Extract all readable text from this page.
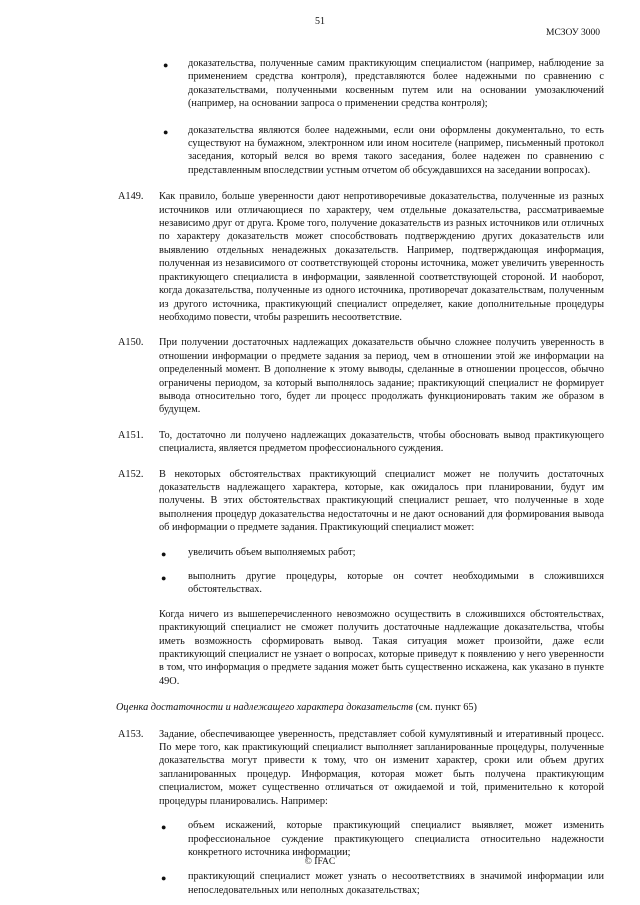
51
МСЗОУ 3000
● доказательства, полученные самим практикующим специалистом (например, наблюдение за применением средства контроля), представляются более надежными по сравнению с доказательствами, полученными косвенным путем или на основании умозаключений (например, на основании запроса о применении средства контроля);

● доказательства являются более надежными, если они оформлены документально, то есть существуют на бумажном, электронном или ином носителе (например, письменный протокол заседания, который велся во время такого заседания, более надежен по сравнению с представленным впоследствии устным отчетом об обсуждавшихся на заседании вопросах).

A149. Как правило, больше уверенности дают непротиворечивые доказательства, полученные из разных источников или отличающиеся по характеру, чем отдельные доказательства, рассматриваемые независимо друг от друга. Кроме того, получение доказательств из разных источников или отличных по характеру доказательств может способствовать подтверждению других доказательств или выявлению отдельных ненадежных доказательств. Например, подтверждающая информация, полученная из независимого от соответствующей стороны источника, может увеличить уверенность практикующего специалиста в информации, заявленной соответствующей стороной. И наоборот, когда доказательства, полученные из одного источника, противоречат доказательствам, полученным из другого источника, практикующий специалист определяет, какие дополнительные процедуры необходимо повести, чтобы разрешить несоответствие.

A150. При получении достаточных надлежащих доказательств обычно сложнее получить уверенность в отношении информации о предмете задания за период, чем в отношении этой же информации на определенный момент. В дополнение к этому выводы, сделанные в отношении процессов, обычно ограничены периодом, за который выполнялось задание; практикующий специалист не формирует вывода относительно того, будет ли процесс продолжать функционировать таким же образом в будущем.

A151. То, достаточно ли получено надлежащих доказательств, чтобы обосновать вывод практикующего специалиста, является предметом профессионального суждения.

A152. В некоторых обстоятельствах практикующий специалист может не получить достаточных доказательств надлежащего характера, которые, как ожидалось при планировании, будут им получены. В этих обстоятельствах практикующий специалист решает, что полученные в ходе выполнения процедур доказательства недостаточны и не дают оснований для формирования вывода об информации о предмете задания. Практикующий специалист может:

● увеличить объем выполняемых работ;

● выполнить другие процедуры, которые он сочтет необходимыми в сложившихся обстоятельствах.

Когда ничего из вышеперечисленного невозможно осуществить в сложившихся обстоятельствах, практикующий специалист не сможет получить достаточные надлежащие доказательства, чтобы иметь возможность сформировать вывод. Такая ситуация может произойти, даже если практикующий специалист не узнает о вопросах, которые приведут к появлению у него уверенности в том, что информация о предмете задания может быть существенно искажена, как указано в пункте 49О.

Оценка достаточности и надлежащего характера доказательств (см. пункт 65)
A153. Задание, обеспечивающее уверенность, представляет собой кумулятивный и итеративный процесс. По мере того, как практикующий специалист выполняет запланированные процедуры, полученные доказательства могут привести к тому, что он изменит характер, сроки или объем других запланированных процедур. Информация, которая может быть получена практикующим специалистом, может существенно отличаться от ожидаемой и той, применительно к которой процедуры планировались. Например:

● объем искажений, которые практикующий специалист выявляет, может изменить профессиональное суждение практикующего специалиста относительно надежности конкретного источника информации;

● практикующий специалист может узнать о несоответствиях в значимой информации или непоследовательных или неполных доказательствах;

© IFAC
